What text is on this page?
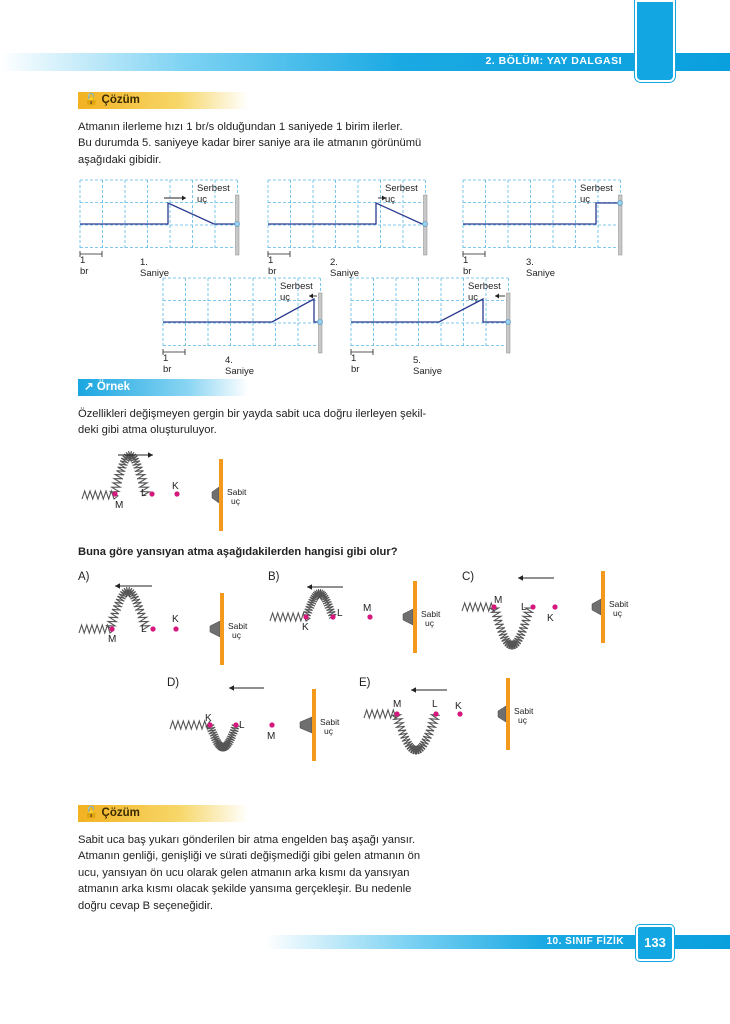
2. BÖLÜM: YAY DALGASI
🔓 Çözüm

Atmanın ilerleme hızı 1 br/s olduğundan 1 saniyede 1 birim ilerler.

Bu durumda 5. saniyeye kadar birer saniye ara ile atmanın görünümü

aşağıdaki gibidir.

Serbest uç
1 br
1. Saniye
Serbest uç
1 br
2. Saniye
Serbest uç
1 br
3. Saniye
Serbest uç
1 br
4. Saniye
Serbest uç
1 br
5. Saniye
↗ Örnek

Özellikleri değişmeyen gergin bir yayda sabit uca doğru ilerleyen şekil-

deki gibi atma oluşturuluyor.

M
L
K	Sabit
uç
M
L
K
Sabit
uç
A)
K
L M	Sabit
uç
B)
M
L
K
Sabit
uç
C)
K
L
M
Sabit
uç
D)
M	L K	Sabit
uç
E)
Buna göre yansıyan atma aşağıdakilerden hangisi gibi olur?
🔓 Çözüm

Sabit uca baş yukarı gönderilen bir atma engelden baş aşağı yansır.

Atmanın genliği, genişliği ve sürati değişmediği gibi gelen atmanın ön

ucu, yansıyan ön ucu olarak gelen atmanın arka kısmı da yansıyan

atmanın arka kısmı olacak şekilde yansıma gerçekleşir. Bu nedenle

doğru cevap B seçeneğidir.

10. SINIF FİZİK	133
